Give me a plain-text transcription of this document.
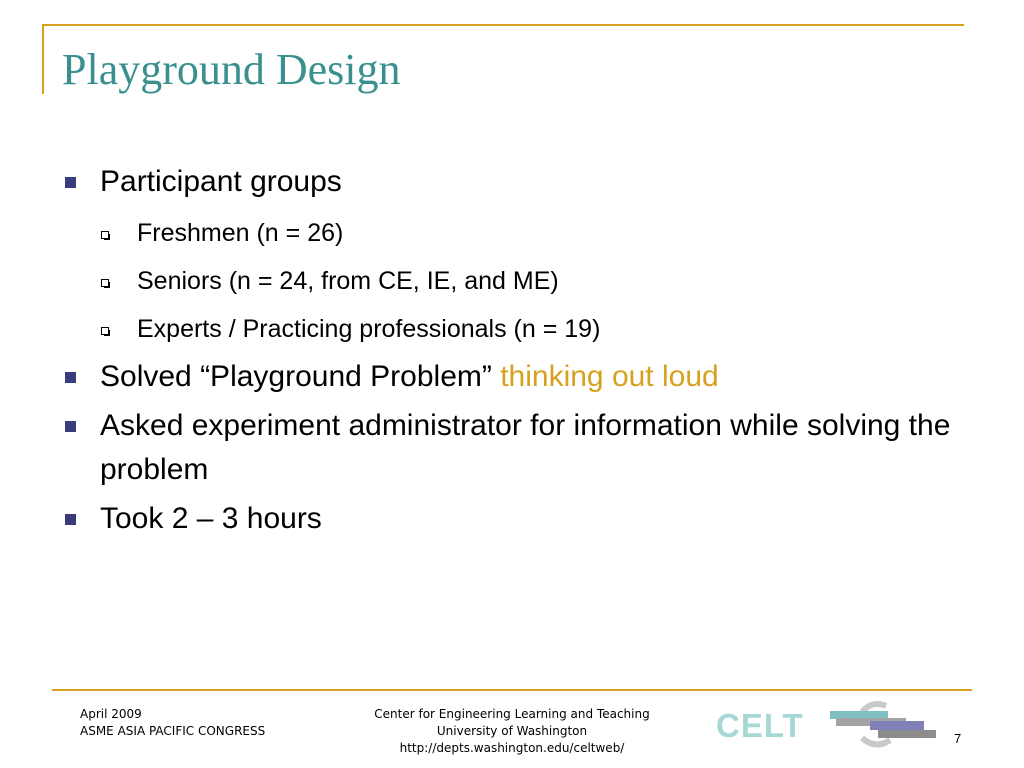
Playground Design
Participant groups
Freshmen (n = 26)
Seniors (n = 24, from CE, IE, and ME)
Experts / Practicing professionals (n = 19)
Solved “Playground Problem” thinking out loud
Asked experiment administrator for information while solving the problem
Took 2 – 3 hours
April 2009
ASME ASIA PACIFIC CONGRESS
Center for Engineering Learning and Teaching
University of Washington
http://depts.washington.edu/celtweb/
CELT	7
